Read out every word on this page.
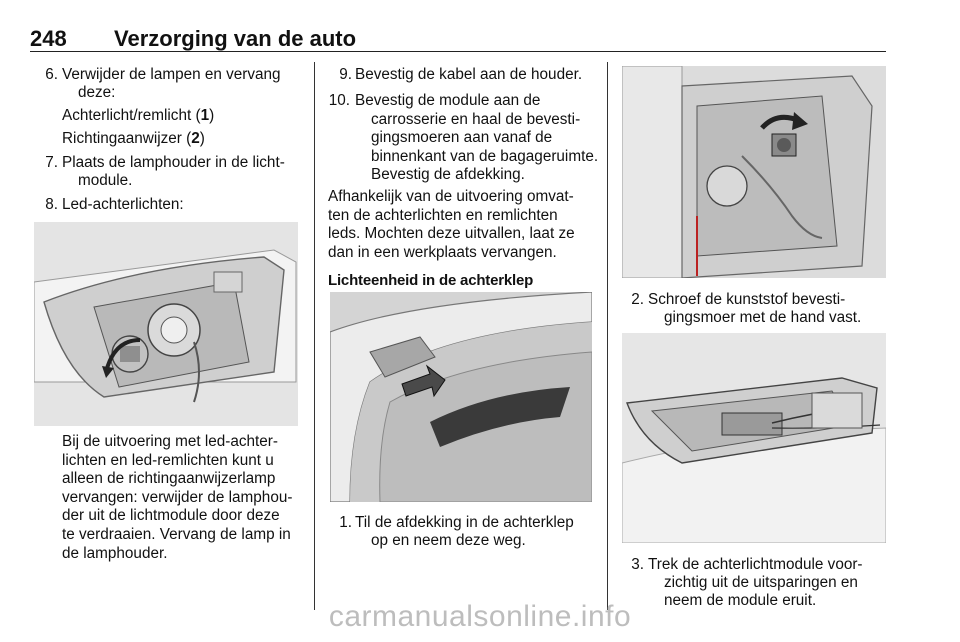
248 Verzorging van de auto
6. Verwijder de lampen en vervang
deze:
Achterlicht/remlicht (1)
Richtingaanwijzer (2)
7. Plaats de lamphouder in de licht-
module.
8. Led-achterlichten:
Bij de uitvoering met led-achter-
lichten en led-remlichten kunt u
alleen de richtingaanwijzerlamp
vervangen: verwijder de lamphou-
der uit de lichtmodule door deze
te verdraaien. Vervang de lamp in
de lamphouder.
9. Bevestig de kabel aan de houder.
10. Bevestig de module aan de
carrosserie en haal de bevesti-
gingsmoeren aan vanaf de
binnenkant van de bagageruimte.
Bevestig de afdekking.
Afhankelijk van de uitvoering omvat-
ten de achterlichten en remlichten
leds. Mochten deze uitvallen, laat ze
dan in een werkplaats vervangen.
Lichteenheid in de achterklep
1. Til de afdekking in de achterklep
op en neem deze weg.
2. Schroef de kunststof bevesti-
gingsmoer met de hand vast.
3. Trek de achterlichtmodule voor-
zichtig uit de uitsparingen en
neem de module eruit.
carmanualsonline.info
